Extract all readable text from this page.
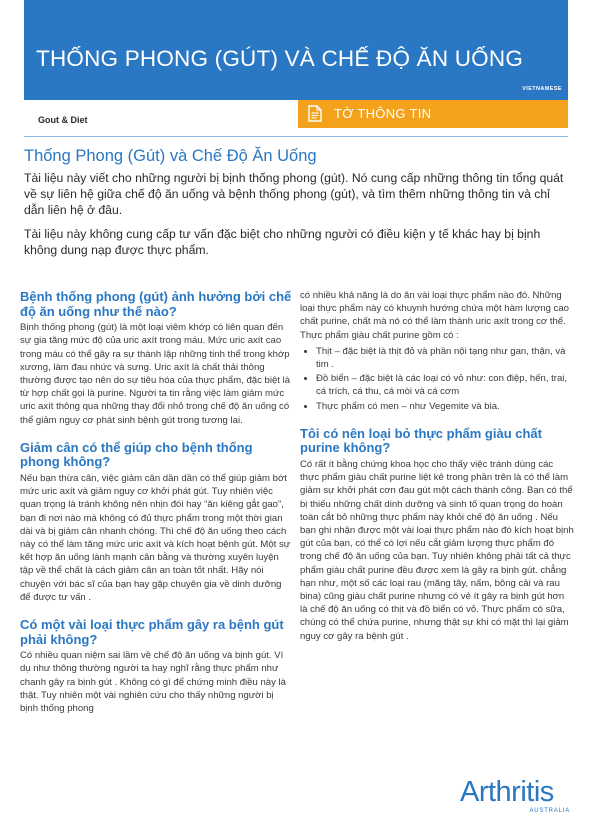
THỐNG PHONG (GÚT) VÀ CHẾ ĐỘ ĂN UỐNG
VIETNAMESE
TỜ THÔNG TIN
Gout & Diet
Thống Phong (Gút) và Chế Độ Ăn Uống

Tài liệu này viết cho những người bị bịnh thống phong (gút). Nó cung cấp những thông tin tổng quát về sự liên hệ giữa chế độ ăn uống và bệnh thống phong (gút), và tìm thêm những thông tin và chỉ dẫn liên hệ ở đâu.

Tài liệu này không cung cấp tư vấn đặc biệt cho những người có điều kiện y tế khác hay bị bịnh không dung nạp được thực phẩm.

Bệnh thống phong (gút) ảnh hưởng bởi chế độ ăn uống như thế nào?

Bịnh thống phong (gút) là một loại viêm khớp có liên quan đến sự gia tăng mức độ của uric axít trong máu. Mức uric axít cao trong máu có thể gây ra sự thành lập những tinh thể trong khớp xương, làm đau nhức và sưng. Uric axít là chất thải thông thường được tạo nên do sự tiêu hóa của thực phẩm, đặc biệt là từ hợp chất gọi là purine. Người ta tin rằng việc làm giảm mức uric axít thông qua những thay đổi nhỏ trong chế độ ăn uống có thể giảm nguy cơ phát sinh bệnh gút trong tương lai.

Giảm cân có thể giúp cho bệnh thống phong không?

Nếu bạn thừa cân, việc giảm cân dần dần có thể giúp giảm bớt mức uric axít và giảm nguy cơ khởi phát gút. Tuy nhiên việc quan trọng là tránh không nên nhịn đói hay “ăn kiêng gắt gao”, bạn đi nơi nào mà không có đủ thực phẩm trong một thời gian dài và bị giảm cân nhanh chóng. Thì chế độ ăn uống theo cách này có thể làm tăng mức uric axít và kích hoạt bệnh gút. Một sự kết hợp ăn uống lành mạnh cân bằng và thường xuyên luyện tập về thể chất là cách giảm cân an toàn tốt nhất. Hãy nói chuyện với bác sĩ của bạn hay gặp chuyên gia về dinh dưỡng để được tư vấn .

Có một vài loại thực phẩm gây ra bệnh gút phải không?

Có nhiều quan niệm sai lầm về chế độ ăn uống và bịnh gút. Ví dụ như thông thường người ta hay nghĩ rằng thực phẩm như chanh gây ra bịnh gút . Không có gì để chứng minh điều này là thật. Tuy nhiên một vài nghiên cứu cho thấy những người bị bịnh thống phong

có nhiều khả năng là do ăn vài loại thực phẩm nào đó. Những loại thực phẩm này có khuynh hướng chứa một hàm lượng cao chất purine, chất mà nó có thể làm thành uric axít trong cơ thể. Thực phẩm giàu chất purine gồm có :

• Thịt – đặc biệt là thịt đỏ và phần nội tạng như gan, thận, và tim .
• Đồ biển – đặc biệt là các loại có vỏ như: con điệp, hến, trai, cá trích, cá thu, cá mòi và cá cơm
• Thực phẩm có men – như Vegemite và bia.
Tôi có nên loại bỏ thực phẩm giàu chất purine không?

Có rất ít bằng chứng khoa học cho thấy việc tránh dùng các thực phẩm giàu chất purine liệt kê trong phần trên là có thể làm giảm sự khởi phát cơn đau gút một cách thành công. Bạn có thể bị thiếu những chất dinh dưỡng và sinh tố quan trọng do hoàn toàn cắt bỏ những thực phẩm này khỏi chế độ ăn uống . Nếu bạn ghi nhận được một vài loại thực phẩm nào đó kích hoạt bịnh gút của bạn, có thể có lợi nếu cắt giảm lượng thực phẩm đó trong chế độ ăn uống của bạn. Tuy nhiên không phải tất cả thực phẩm giàu chất purine đều được xem là gây ra bịnh gút. chẳng hạn như, một số các loại rau (măng tây, nấm, bông cải và rau bina) cũng giàu chất purine nhưng có vẻ ít gây ra bịnh gút hơn là chế độ ăn uống có thịt và đồ biển có vỏ. Thực phẩm có sữa, chúng có thể chứa purine, nhưng thật sự khi có mặt thì lại giảm nguy cơ gây ra bệnh gút .

Arthritis
AUSTRALIA
